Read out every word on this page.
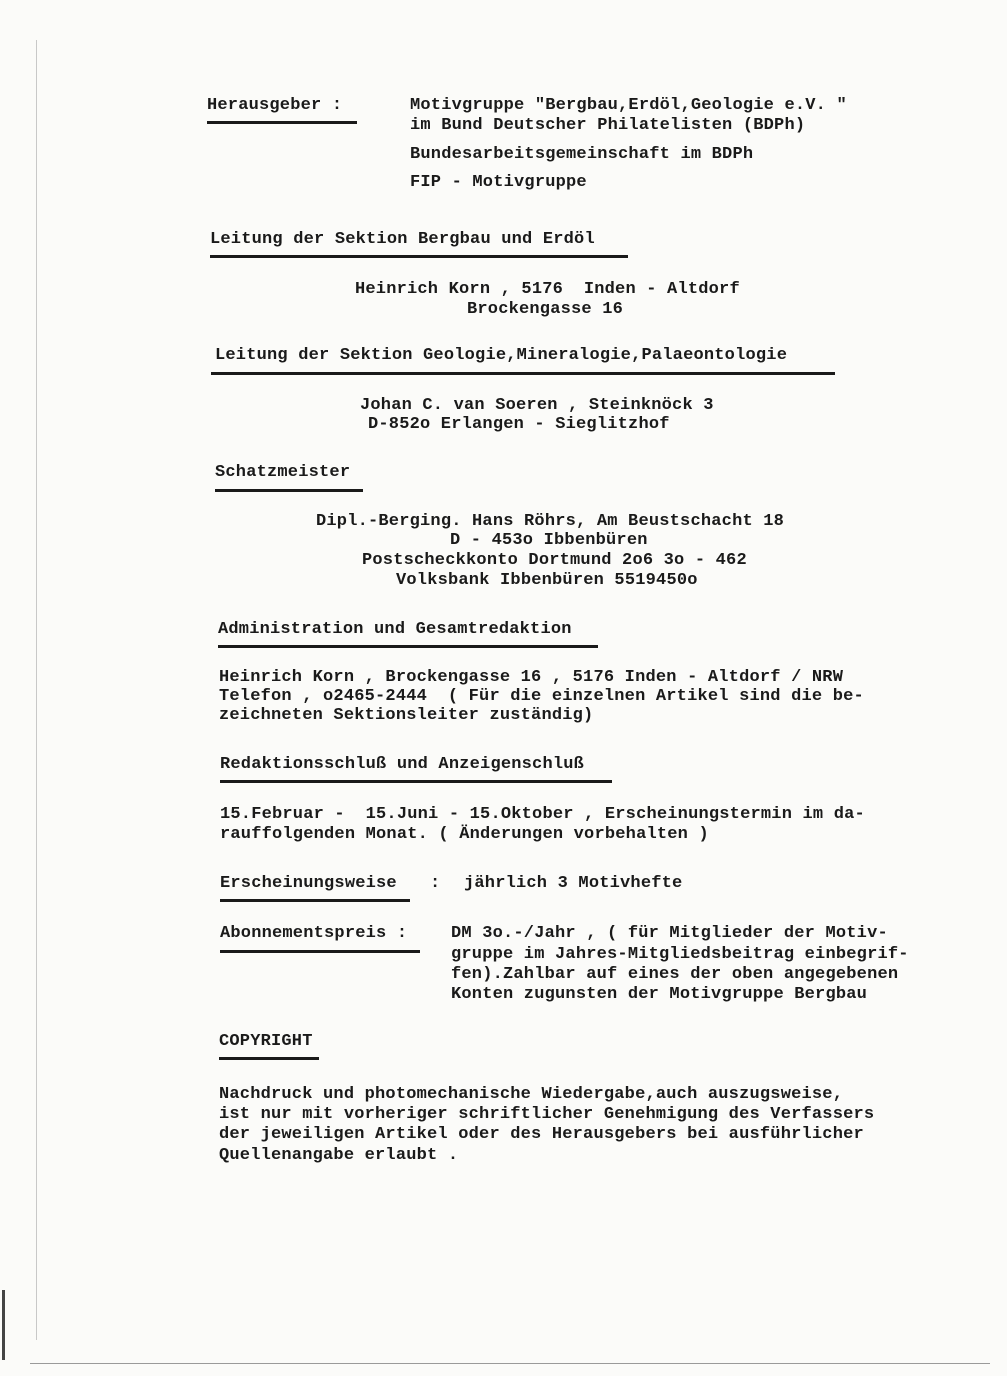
Herausgeber :	Motivgruppe "Bergbau,Erdöl,Geologie e.V. "
im Bund Deutscher Philatelisten (BDPh)
Bundesarbeitsgemeinschaft im BDPh
FIP - Motivgruppe
Leitung der Sektion Bergbau und Erdöl
Heinrich Korn , 5176  Inden - Altdorf
Brockengasse 16
Leitung der Sektion Geologie,Mineralogie,Palaeontologie
Johan C. van Soeren , Steinknöck 3
D-852o Erlangen - Sieglitzhof
Schatzmeister
Dipl.-Berging. Hans Röhrs, Am Beustschacht 18
D - 453o Ibbenbüren
Postscheckkonto Dortmund 2o6 3o - 462
Volksbank Ibbenbüren 5519450o
Administration und Gesamtredaktion
Heinrich Korn , Brockengasse 16 , 5176 Inden - Altdorf / NRW
Telefon , o2465-2444  ( Für die einzelnen Artikel sind die be-
zeichneten Sektionsleiter zuständig)
Redaktionsschluß und Anzeigenschluß
15.Februar -  15.Juni - 15.Oktober , Erscheinungstermin im da-
rauffolgenden Monat. ( Änderungen vorbehalten )
Erscheinungsweise : jährlich 3 Motivhefte
Abonnementspreis :	DM 3o.-/Jahr , ( für Mitglieder der Motiv-
gruppe im Jahres-Mitgliedsbeitrag einbegrif-
fen).Zahlbar auf eines der oben angegebenen
Konten zugunsten der Motivgruppe Bergbau
COPYRIGHT
Nachdruck und photomechanische Wiedergabe,auch auszugsweise,
ist nur mit vorheriger schriftlicher Genehmigung des Verfassers
der jeweiligen Artikel oder des Herausgebers bei ausführlicher
Quellenangabe erlaubt .
